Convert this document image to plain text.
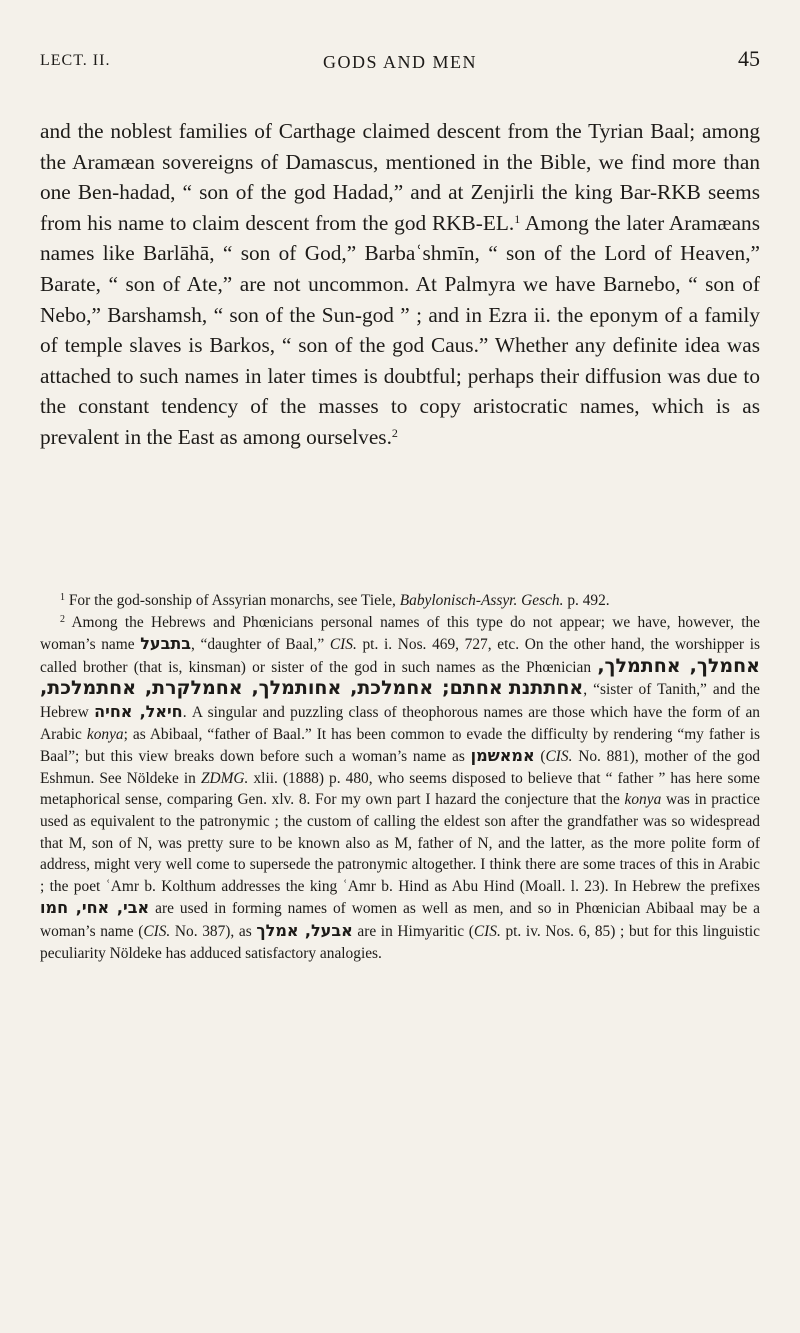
LECT. II.	GODS AND MEN	45

and the noblest families of Carthage claimed descent from the Tyrian Baal; among the Aramæan sovereigns of Damascus, mentioned in the Bible, we find more than one Ben-hadad, “ son of the god Hadad,” and at Zenjirli the king Bar-RKB seems from his name to claim descent from the god RKB-EL.$^1$ Among the later Aramæans names like Barlāhā, “ son of God,” Barbaʿshmīn, “ son of the Lord of Heaven,” Barate, “ son of Ate,” are not uncommon. At Palmyra we have Barnebo, “ son of Nebo,” Barshamsh, “ son of the Sun-god ” ; and in Ezra ii. the eponym of a family of temple slaves is Barkos, “ son of the god Caus.” Whether any definite idea was attached to such names in later times is doubtful; perhaps their diffusion was due to the constant tendency of the masses to copy aristocratic names, which is as prevalent in the East as among ourselves.$^2$

$^1$ For the god-sonship of Assyrian monarchs, see Tiele, Babylonisch-Assyr. Gesch. p. 492.

$^2$ Among the Hebrews and Phœnicians personal names of this type do not appear; we have, however, the woman’s name בתבעל, “daughter of Baal,” CIS. pt. i. Nos. 469, 727, etc. On the other hand, the worshipper is called brother (that is, kinsman) or sister of the god in such names as the Phœnician אחמלך, אחתמלך, אחתם; אחמלכת, אחותמלך, אחמלקרת, אחתמלכת, אחתתנת, “sister of Tanith,” and the Hebrew חיאל, אחיה. A singular and puzzling class of theophorous names are those which have the form of an Arabic konya; as Abibaal, “father of Baal.” It has been common to evade the difficulty by rendering “my father is Baal”; but this view breaks down before such a woman’s name as אמאשמן (CIS. No. 881), mother of the god Eshmun. See Nöldeke in ZDMG. xlii. (1888) p. 480, who seems disposed to believe that “ father ” has here some metaphorical sense, comparing Gen. xlv. 8. For my own part I hazard the conjecture that the konya was in practice used as equivalent to the patronymic ; the custom of calling the eldest son after the grandfather was so widespread that M, son of N, was pretty sure to be known also as M, father of N, and the latter, as the more polite form of address, might very well come to supersede the patronymic altogether. I think there are some traces of this in Arabic ; the poet ʿAmr b. Kolthum addresses the king ʿAmr b. Hind as Abu Hind (Moall. l. 23). In Hebrew the prefixes אבי, אחי, חמו are used in forming names of women as well as men, and so in Phœnician Abibaal may be a woman’s name (CIS. No. 387), as אבעל, אמלך are in Himyaritic (CIS. pt. iv. Nos. 6, 85) ; but for this linguistic peculiarity Nöldeke has adduced satisfactory analogies.
